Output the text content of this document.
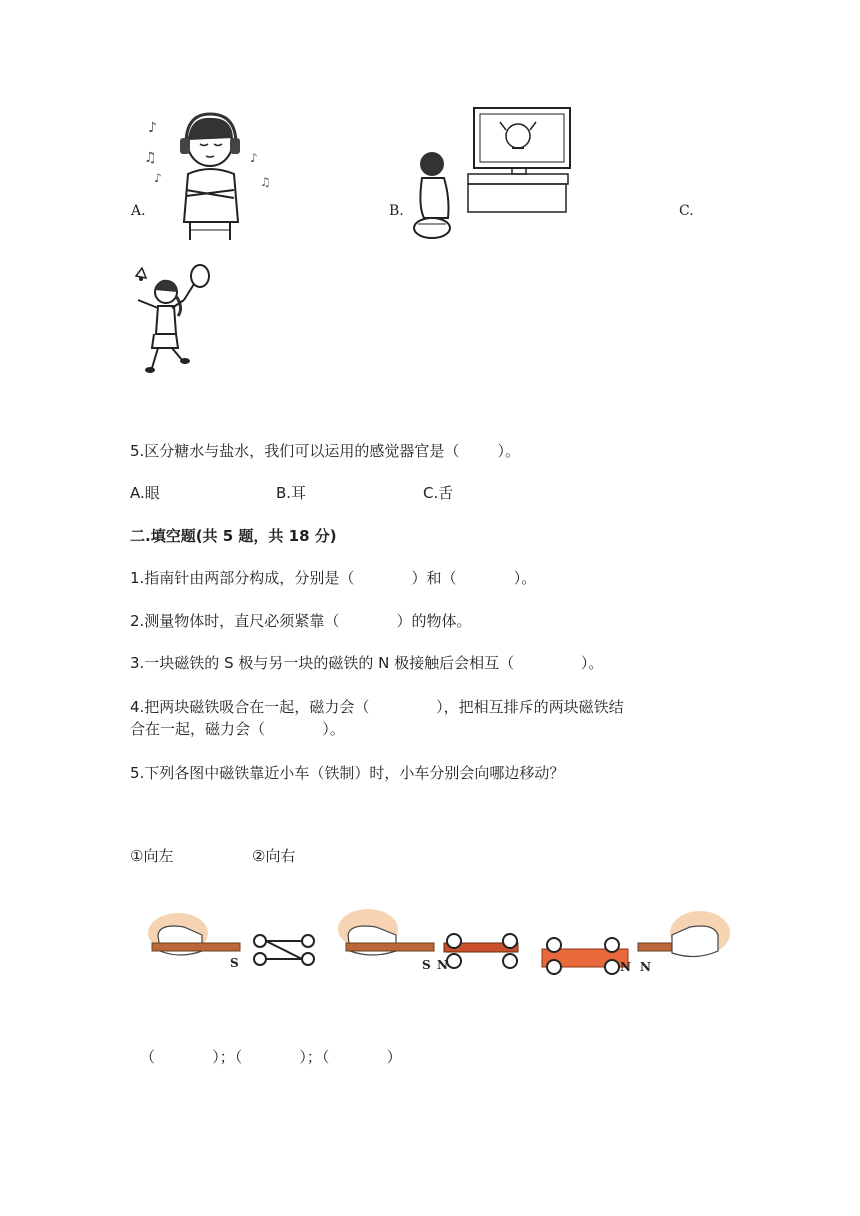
♪
♫
♪
♪
♫
A.	B.	C.
5.区分糖水与盐水，我们可以运用的感觉器官是（        ）。
A.眼	B.耳	C.舌
二.填空题(共 5 题，共 18 分)
1.指南针由两部分构成，分别是（            ）和（            ）。
2.测量物体时，直尺必须紧靠（            ）的物体。
3.一块磁铁的 S 极与另一块的磁铁的 N 极接触后会相互（              ）。
4.把两块磁铁吸合在一起，磁力会（              ），把相互排斥的两块磁铁结
合在一起，磁力会（            ）。
5.下列各图中磁铁靠近小车（铁制）时，小车分别会向哪边移动？
①向左	②向右
S	S N	N N
（            ）；（            ）；（            ）
